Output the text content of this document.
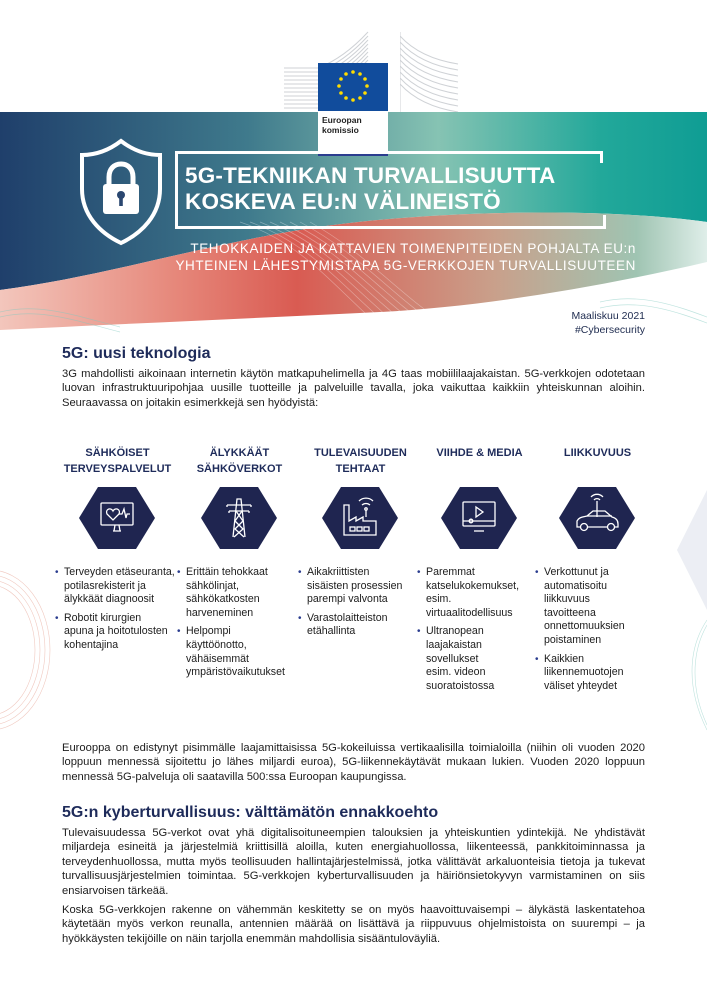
Euroopan
komissio
5G-TEKNIIKAN TURVALLISUUTTA
KOSKEVA EU:N VÄLINEISTÖ
TEHOKKAIDEN JA KATTAVIEN TOIMENPITEIDEN POHJALTA EU:n
YHTEINEN LÄHESTYMISTAPA 5G-VERKKOJEN TURVALLISUUTEEN
Maaliskuu 2021
#Cybersecurity
5G: uusi teknologia

3G mahdollisti aikoinaan internetin käytön matkapuhelimella ja 4G taas mobiililaajakaistan. 5G-verkkojen odotetaan luovan infrastruktuuripohjaa uusille tuotteille ja palveluille tavalla, joka vaikuttaa kaikkiin yhteiskunnan aloihin. Seuraavassa on joitakin esimerkkejä sen hyödyistä:

SÄHKÖISET
TERVEYSPALVELUT
• Terveyden etäseuranta, potilasrekisterit ja älykkäät diagnoosit
• Robotit kirurgien apuna ja hoitotulosten kohentajina
ÄLYKKÄÄT
SÄHKÖVERKOT
• Erittäin tehokkaat sähkölinjat, sähkökatkosten harveneminen
• Helpompi käyttöönotto, vähäisemmät ympäristövaikutukset
TULEVAISUUDEN
TEHTAAT
• Aikakriittisten sisäisten prosessien parempi valvonta
• Varastolaitteiston etähallinta
VIIHDE & MEDIA
• Paremmat katselukokemukset, esim. virtuaalitodellisuus
• Ultranopean laajakaistan sovellukset esim. videon suoratoistossa
LIIKKUVUUS
• Verkottunut ja automatisoitu liikkuvuus tavoitteena onnettomuuksien poistaminen
• Kaikkien liikennemuotojen väliset yhteydet

Eurooppa on edistynyt pisimmälle laajamittaisissa 5G-kokeiluissa vertikaalisilla toimialoilla (niihin oli vuoden 2020 loppuun mennessä sijoitettu jo lähes miljardi euroa), 5G-liikennekäytävät mukaan lukien. Vuoden 2020 loppuun mennessä 5G-palveluja oli saatavilla 500:ssa Euroopan kaupungissa.

5G:n kyberturvallisuus: välttämätön ennakkoehto

Tulevaisuudessa 5G-verkot ovat yhä digitalisoituneempien talouksien ja yhteiskuntien ydintekijä. Ne yhdistävät miljardeja esineitä ja järjestelmiä kriittisillä aloilla, kuten energiahuollossa, liikenteessä, pankkitoiminnassa ja terveydenhuollossa, mutta myös teollisuuden hallintajärjestelmissä, jotka välittävät arkaluonteisia tietoja ja tukevat turvallisuusjärjestelmien toimintaa. 5G-verkkojen kyberturvallisuuden ja häiriönsietokyvyn varmistaminen on siis ensiarvoisen tärkeää.

Koska 5G-verkkojen rakenne on vähemmän keskitetty se on myös haavoittuvaisempi – älykästä laskentatehoa käytetään myös verkon reunalla, antennien määrää on lisättävä ja riippuvuus ohjelmistoista on suurempi – ja hyökkäysten tekijöille on näin tarjolla enemmän mahdollisia sisääntuloväyliä.
